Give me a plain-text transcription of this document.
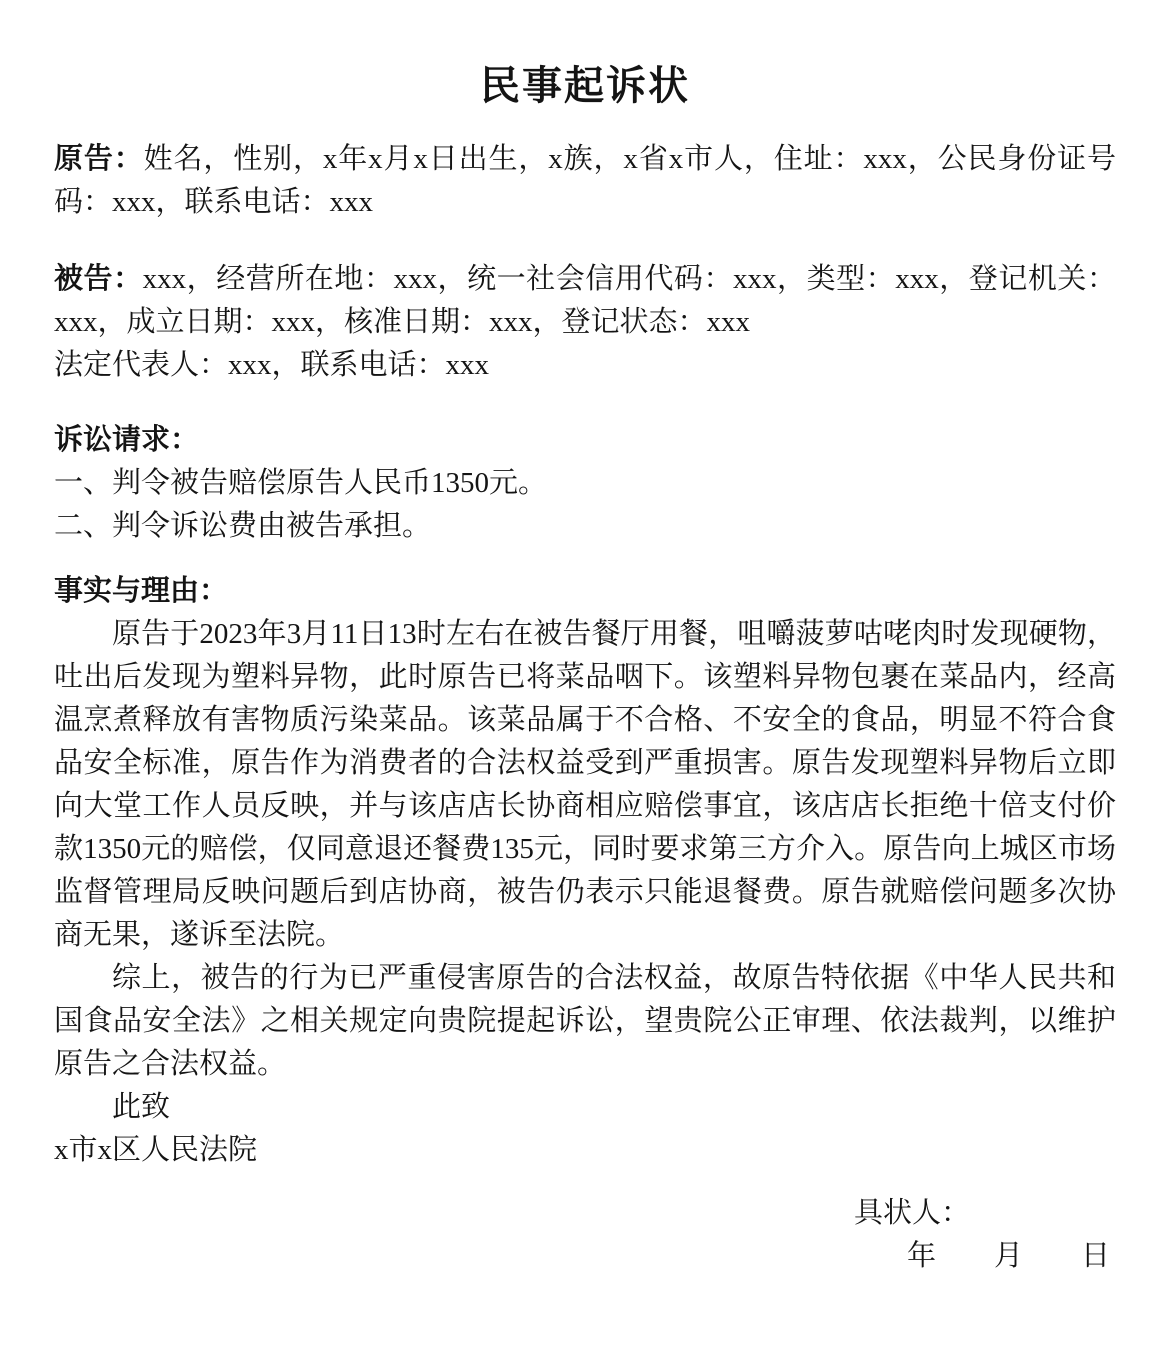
民事起诉状

原告：姓名，性别，x年x月x日出生，x族，x省x市人，住址：xxx，公民身份证号码：xxx，联系电话：xxx

被告：xxx，经营所在地：xxx，统一社会信用代码：xxx，类型：xxx，登记机关：xxx，成立日期：xxx，核准日期：xxx，登记状态：xxx

法定代表人：xxx，联系电话：xxx

诉讼请求：

一、判令被告赔偿原告人民币1350元。

二、判令诉讼费由被告承担。

事实与理由：

原告于2023年3月11日13时左右在被告餐厅用餐，咀嚼菠萝咕咾肉时发现硬物，吐出后发现为塑料异物，此时原告已将菜品咽下。该塑料异物包裹在菜品内，经高温烹煮释放有害物质污染菜品。该菜品属于不合格、不安全的食品，明显不符合食品安全标准，原告作为消费者的合法权益受到严重损害。原告发现塑料异物后立即向大堂工作人员反映，并与该店店长协商相应赔偿事宜，该店店长拒绝十倍支付价款1350元的赔偿，仅同意退还餐费135元，同时要求第三方介入。原告向上城区市场监督管理局反映问题后到店协商，被告仍表示只能退餐费。原告就赔偿问题多次协商无果，遂诉至法院。

综上，被告的行为已严重侵害原告的合法权益，故原告特依据《中华人民共和国食品安全法》之相关规定向贵院提起诉讼，望贵院公正审理、依法裁判，以维护原告之合法权益。

此致

x市x区人民法院

具状人：

年　　月　　日
